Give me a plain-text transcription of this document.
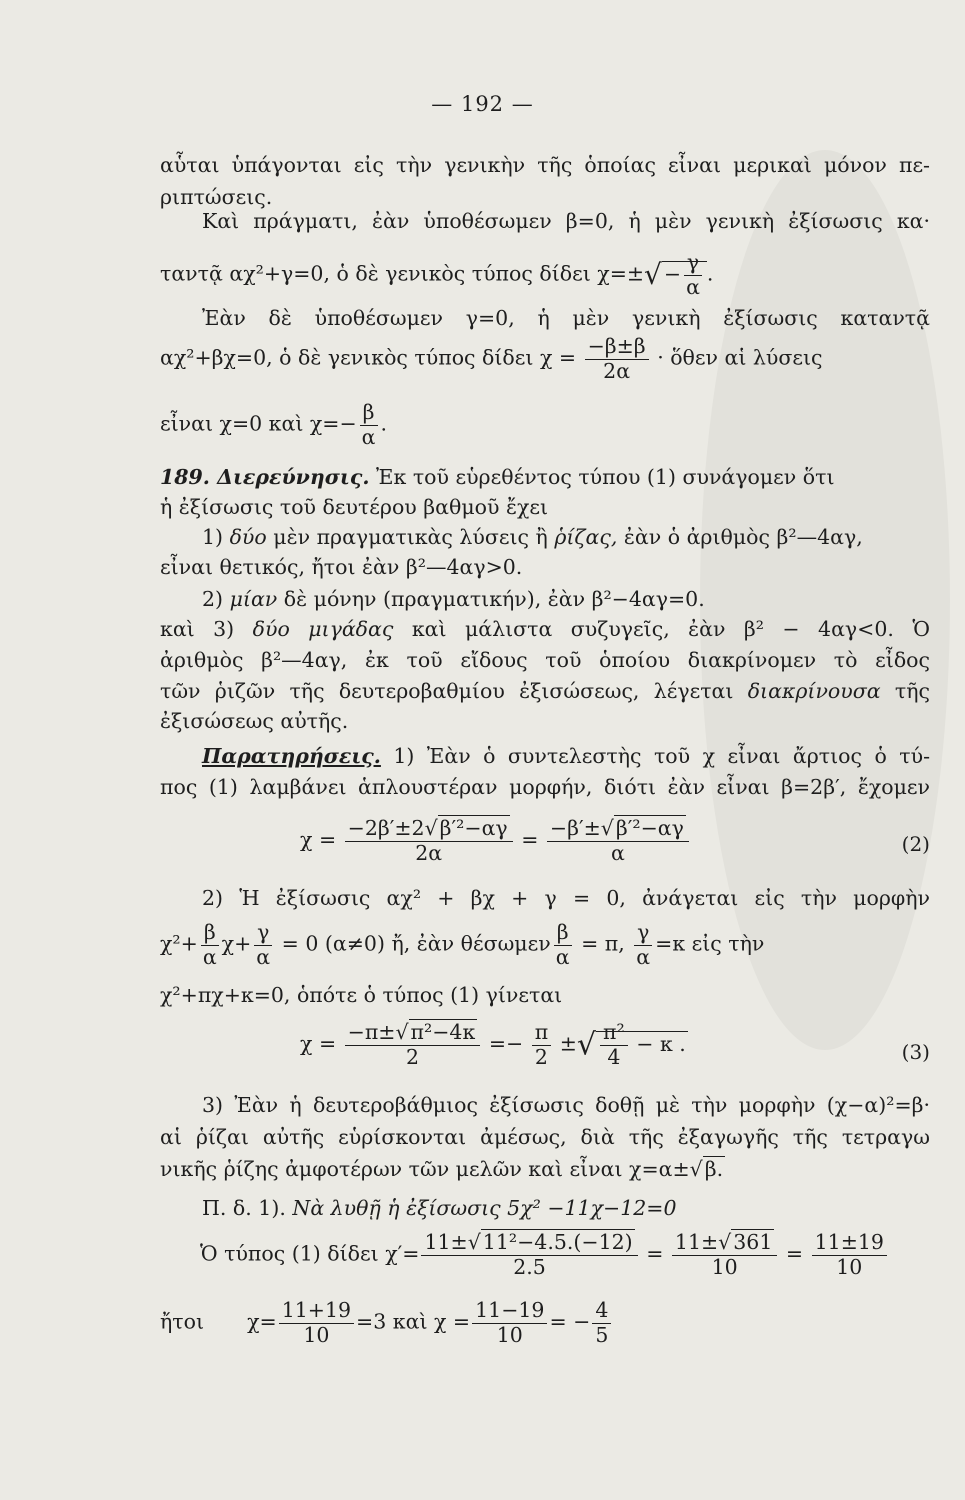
— 192 —
αὗται ὑπάγονται εἰς τὴν γενικὴν τῆς ὁποίας εἶναι μερικαὶ μόνον πε-
ριπτώσεις.
Καὶ πράγματι, ἐὰν ὑποθέσωμεν β=0, ἡ μὲν γενικὴ ἐξίσωσις κα·
ταντᾷ αχ²+γ=0, ὁ δὲ γενικὸς τύπος δίδει $\chi=\pm√- \frac{\gamma}{\alpha}$ .
Ἐὰν δὲ ὑποθέσωμεν γ=0, ἡ μὲν γενικὴ ἐξίσωσις καταντᾷ
αχ²+βχ=0, ὁ δὲ γενικὸς τύπος δίδει $\chi = \frac{-\beta\pm\beta}{2\alpha}$ · ὅθεν αἱ λύσεις
εἶναι χ=0 καὶ $\chi=- \frac{\beta}{\alpha}$ .
189. Διερεύνησις. Ἐκ τοῦ εὑρεθέντος τύπου (1) συνάγομεν ὅτι
ἡ ἐξίσωσις τοῦ δευτέρου βαθμοῦ ἔχει
1) δύο μὲν πραγματικὰς λύσεις ἢ ῥίζας, ἐὰν ὁ ἀριθμὸς β²—4αγ,
εἶναι θετικός, ἤτοι ἐὰν β²—4αγ>0.
2) μίαν δὲ μόνην (πραγματικήν), ἐὰν β²−4αγ=0.
καὶ 3) δύο μιγάδας καὶ μάλιστα συζυγεῖς, ἐὰν β² − 4αγ<0. Ὁ
ἀριθμὸς β²—4αγ, ἐκ τοῦ εἴδους τοῦ ὁποίου διακρίνομεν τὸ εἶδος
τῶν ῥιζῶν τῆς δευτεροβαθμίου ἐξισώσεως, λέγεται διακρίνουσα τῆς
ἐξισώσεως αὐτῆς.
Παρατηρήσεις. 1) Ἐὰν ὁ συντελεστὴς τοῦ χ εἶναι ἄρτιος ὁ τύ-
πος (1) λαμβάνει ἁπλουστέραν μορφήν, διότι ἐὰν εἶναι β=2β′, ἔχομεν
$\chi = \frac{\text{−2β′±2√β′²−αγ}}{2\alpha} = \frac{\text{−β′±√β′²−αγ}}{\alpha}$	(2)
2) Ἡ ἐξίσωσις αχ² + βχ + γ = 0, ἀνάγεται εἰς τὴν μορφὴν
$\chi^2+ \frac{\beta}{\alpha} \chi+ \frac{\gamma}{\alpha} = 0$ (α≠0) ἤ, ἐὰν θέσωμεν $\frac{\beta}{\alpha} = \pi$, $\frac{\gamma}{\alpha} =\kappa$ εἰς τὴν
χ²+πχ+κ=0, ὁπότε ὁ τύπος (1) γίνεται
$\chi = \frac{\text{−π±√π²−4κ}}{2} =- \frac{\pi}{2}$ ±√ $\frac{\text{π²}}{4} - \kappa$ .	(3)
3) Ἐὰν ἡ δευτεροβάθμιος ἐξίσωσις δοθῇ μὲ τὴν μορφὴν (χ−α)²=β·
αἱ ῥίζαι αὐτῆς εὑρίσκονται ἀμέσως, διὰ τῆς ἐξαγωγῆς τῆς τετραγω
νικῆς ῥίζης ἀμφοτέρων τῶν μελῶν καὶ εἶναι χ=α±√β.
Π. δ. 1). Νὰ λυθῇ ἡ ἐξίσωσις 5χ² −11χ−12=0
Ὁ τύπος (1) δίδει $\chi'= \frac{\text{11±√11²−4.5.(−12)}}{2.5} = \frac{11\pm√361}{10} = \frac{11\pm 19}{10}$
ἤτοι $\chi= \frac{11+19}{10} =3$ καὶ $\chi = \frac{11-19}{10}$ = − $\frac{4}{5}$
